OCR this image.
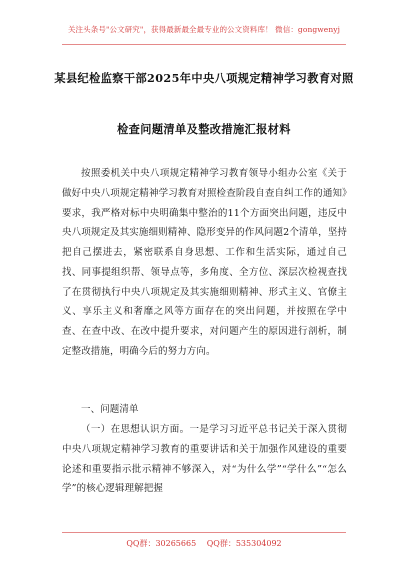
关注头条号"公文研究"，获得最新最全最专业的公文资料库！ 微信：gongwenyj
某县纪检监察干部2025年中央八项规定精神学习教育对照
检查问题清单及整改措施汇报材料

按照委机关中央八项规定精神学习教育领导小组办公室《关于做好中央八项规定精神学习教育对照检查阶段自查自纠工作的通知》要求，我严格对标中央明确集中整治的11个方面突出问题，违反中央八项规定及其实施细则精神、隐形变异的作风问题2个清单，坚持把自己摆进去，紧密联系自身思想、工作和生活实际，通过自己找、同事提组织帮、领导点等，多角度、全方位、深层次检视查找了在贯彻执行中央八项规定及其实施细则精神、形式主义、官僚主义、享乐主义和奢靡之风等方面存在的突出问题，并按照在学中查、在查中改、在改中提升要求，对问题产生的原因进行剖析，制定整改措施，明确今后的努力方向。

一、问题清单

（一）在思想认识方面。一是学习习近平总书记关于深入贯彻中央八项规定精神学习教育的重要讲话和关于加强作风建设的重要论述和重要指示批示精神不够深入，对“为什么学”“学什么”“怎么学”的核心逻辑理解把握

QQ群：30265665 QQ群：535304092
